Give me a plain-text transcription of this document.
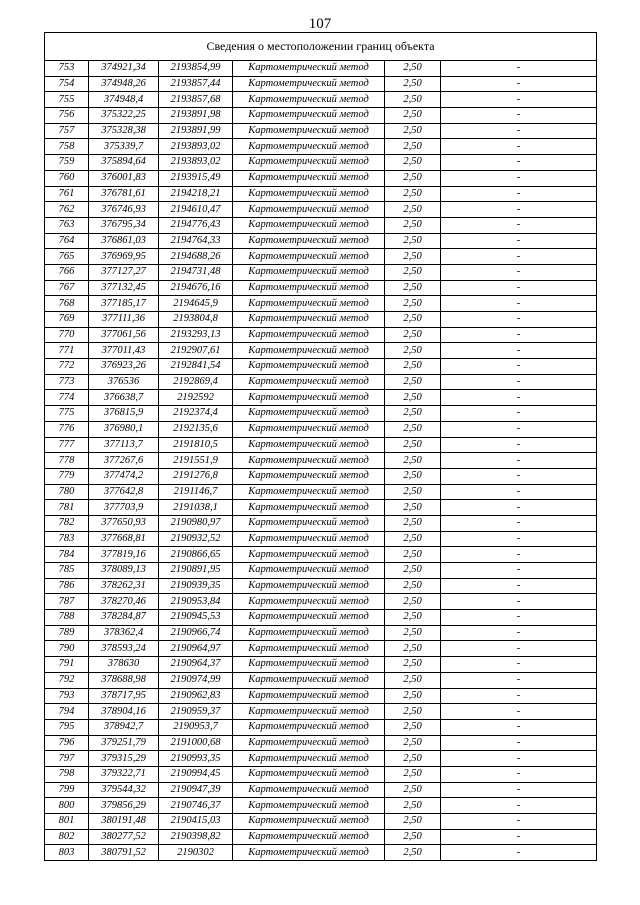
107
Сведения о местоположении границ объекта					
753	374921,34	2193854,99	Картометрический метод	2,50	-
754	374948,26	2193857,44	Картометрический метод	2,50	-
755	374948,4	2193857,68	Картометрический метод	2,50	-
756	375322,25	2193891,98	Картометрический метод	2,50	-
757	375328,38	2193891,99	Картометрический метод	2,50	-
758	375339,7	2193893,02	Картометрический метод	2,50	-
759	375894,64	2193893,02	Картометрический метод	2,50	-
760	376001,83	2193915,49	Картометрический метод	2,50	-
761	376781,61	2194218,21	Картометрический метод	2,50	-
762	376746,93	2194610,47	Картометрический метод	2,50	-
763	376795,34	2194776,43	Картометрический метод	2,50	-
764	376861,03	2194764,33	Картометрический метод	2,50	-
765	376969,95	2194688,26	Картометрический метод	2,50	-
766	377127,27	2194731,48	Картометрический метод	2,50	-
767	377132,45	2194676,16	Картометрический метод	2,50	-
768	377185,17	2194645,9	Картометрический метод	2,50	-
769	377111,36	2193804,8	Картометрический метод	2,50	-
770	377061,56	2193293,13	Картометрический метод	2,50	-
771	377011,43	2192907,61	Картометрический метод	2,50	-
772	376923,26	2192841,54	Картометрический метод	2,50	-
773	376536	2192869,4	Картометрический метод	2,50	-
774	376638,7	2192592	Картометрический метод	2,50	-
775	376815,9	2192374,4	Картометрический метод	2,50	-
776	376980,1	2192135,6	Картометрический метод	2,50	-
777	377113,7	2191810,5	Картометрический метод	2,50	-
778	377267,6	2191551,9	Картометрический метод	2,50	-
779	377474,2	2191276,8	Картометрический метод	2,50	-
780	377642,8	2191146,7	Картометрический метод	2,50	-
781	377703,9	2191038,1	Картометрический метод	2,50	-
782	377650,93	2190980,97	Картометрический метод	2,50	-
783	377668,81	2190932,52	Картометрический метод	2,50	-
784	377819,16	2190866,65	Картометрический метод	2,50	-
785	378089,13	2190891,95	Картометрический метод	2,50	-
786	378262,31	2190939,35	Картометрический метод	2,50	-
787	378270,46	2190953,84	Картометрический метод	2,50	-
788	378284,87	2190945,53	Картометрический метод	2,50	-
789	378362,4	2190966,74	Картометрический метод	2,50	-
790	378593,24	2190964,97	Картометрический метод	2,50	-
791	378630	2190964,37	Картометрический метод	2,50	-
792	378688,98	2190974,99	Картометрический метод	2,50	-
793	378717,95	2190962,83	Картометрический метод	2,50	-
794	378904,16	2190959,37	Картометрический метод	2,50	-
795	378942,7	2190953,7	Картометрический метод	2,50	-
796	379251,79	2191000,68	Картометрический метод	2,50	-
797	379315,29	2190993,35	Картометрический метод	2,50	-
798	379322,71	2190994,45	Картометрический метод	2,50	-
799	379544,32	2190947,39	Картометрический метод	2,50	-
800	379856,29	2190746,37	Картометрический метод	2,50	-
801	380191,48	2190415,03	Картометрический метод	2,50	-
802	380277,52	2190398,82	Картометрический метод	2,50	-
803	380791,52	2190302	Картометрический метод	2,50	-
